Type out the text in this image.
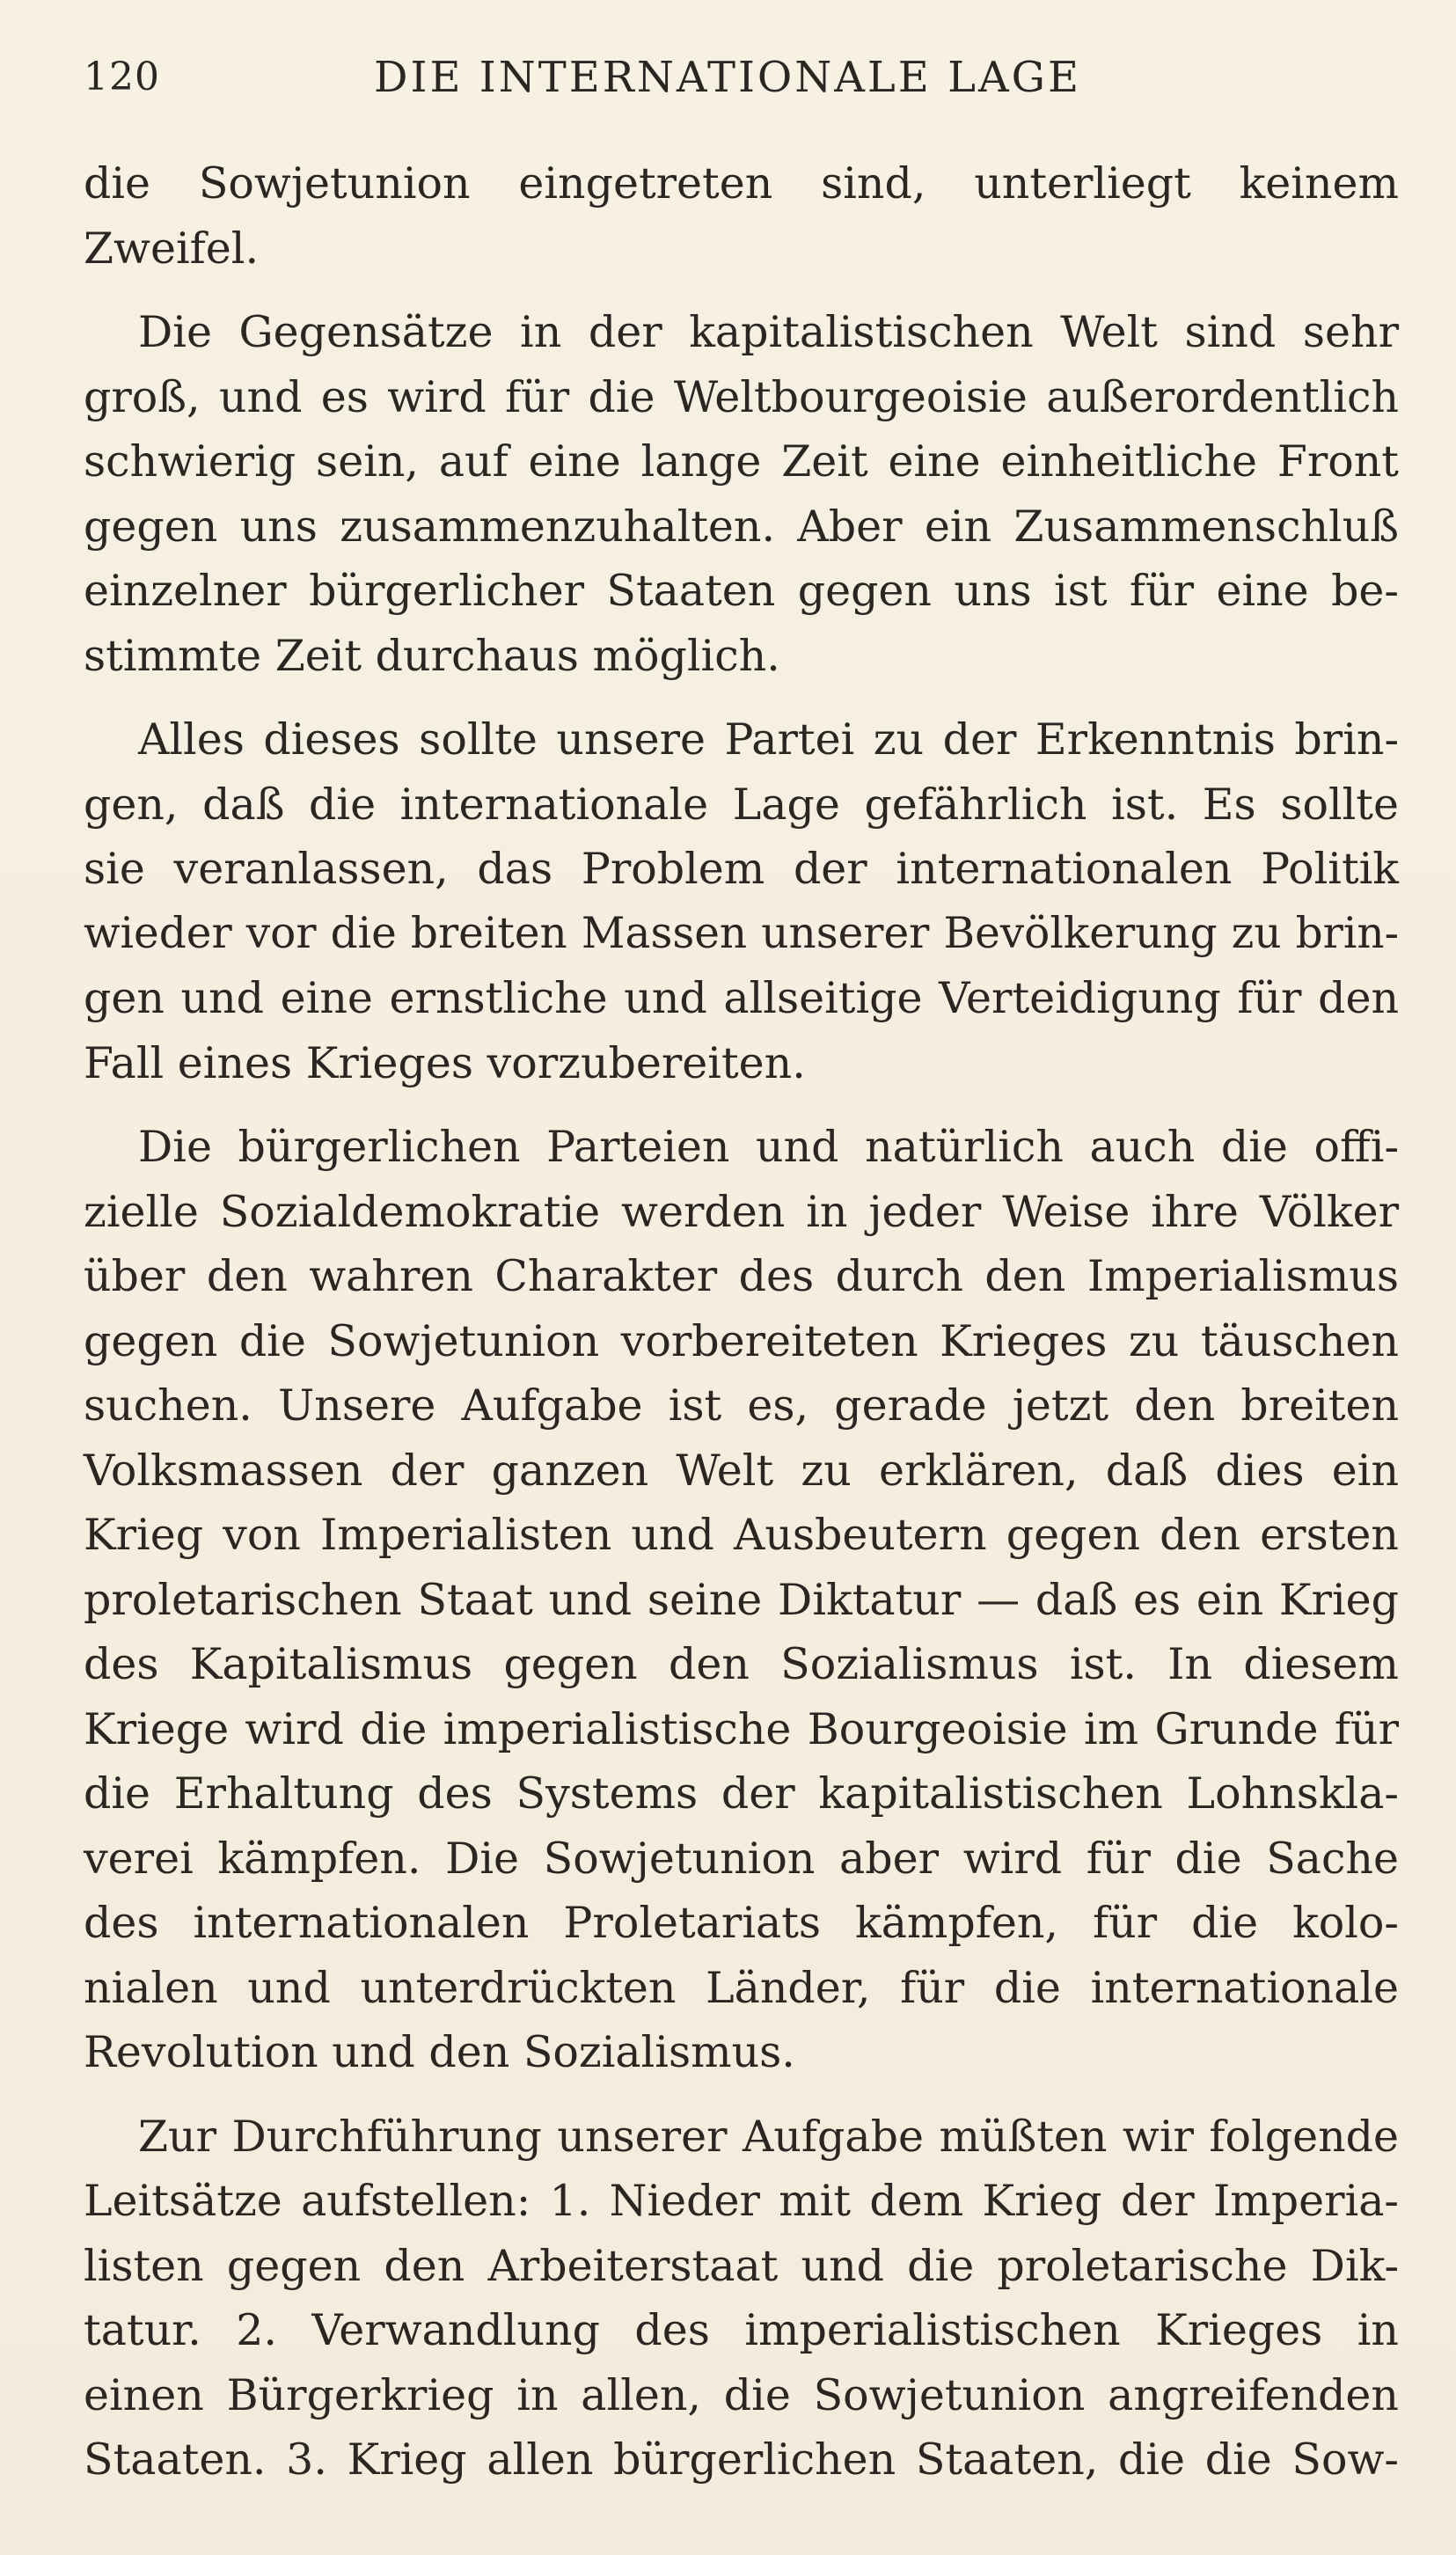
120	DIE INTERNATIONALE LAGE
die Sowjetunion eingetreten sind, unterliegt keinem
Zweifel.
Die Gegensätze in der kapitalistischen Welt sind sehr
groß, und es wird für die Weltbourgeoisie außerordentlich
schwierig sein, auf eine lange Zeit eine einheitliche Front
gegen uns zusammenzuhalten. Aber ein Zusammenschluß
einzelner bürgerlicher Staaten gegen uns ist für eine be-
stimmte Zeit durchaus möglich.
Alles dieses sollte unsere Partei zu der Erkenntnis brin-
gen, daß die internationale Lage gefährlich ist. Es sollte
sie veranlassen, das Problem der internationalen Politik
wieder vor die breiten Massen unserer Bevölkerung zu brin-
gen und eine ernstliche und allseitige Verteidigung für den
Fall eines Krieges vorzubereiten.
Die bürgerlichen Parteien und natürlich auch die offi-
zielle Sozialdemokratie werden in jeder Weise ihre Völker
über den wahren Charakter des durch den Imperialismus
gegen die Sowjetunion vorbereiteten Krieges zu täuschen
suchen. Unsere Aufgabe ist es, gerade jetzt den breiten
Volksmassen der ganzen Welt zu erklären, daß dies ein
Krieg von Imperialisten und Ausbeutern gegen den ersten
proletarischen Staat und seine Diktatur — daß es ein Krieg
des Kapitalismus gegen den Sozialismus ist. In diesem
Kriege wird die imperialistische Bourgeoisie im Grunde für
die Erhaltung des Systems der kapitalistischen Lohnskla-
verei kämpfen. Die Sowjetunion aber wird für die Sache
des internationalen Proletariats kämpfen, für die kolo-
nialen und unterdrückten Länder, für die internationale
Revolution und den Sozialismus.
Zur Durchführung unserer Aufgabe müßten wir folgende
Leitsätze aufstellen: 1. Nieder mit dem Krieg der Imperia-
listen gegen den Arbeiterstaat und die proletarische Dik-
tatur. 2. Verwandlung des imperialistischen Krieges in
einen Bürgerkrieg in allen, die Sowjetunion angreifenden
Staaten. 3. Krieg allen bürgerlichen Staaten, die die Sow-
